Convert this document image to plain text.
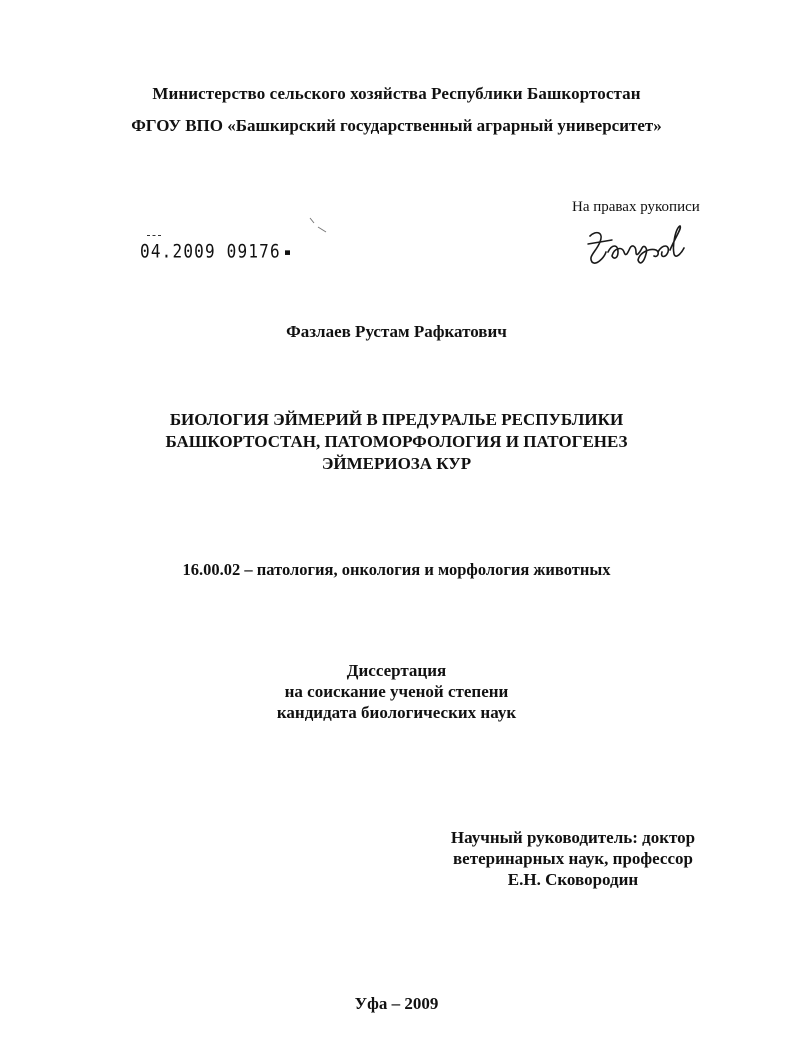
Министерство сельского хозяйства Республики Башкортостан
ФГОУ ВПО «Башкирский государственный аграрный университет»
На правах рукописи
04.2009 09176
Фазлаев Рустам Рафкатович
БИОЛОГИЯ ЭЙМЕРИЙ В ПРЕДУРАЛЬЕ РЕСПУБЛИКИ
БАШКОРТОСТАН, ПАТОМОРФОЛОГИЯ И ПАТОГЕНЕЗ
ЭЙМЕРИОЗА КУР
16.00.02 – патология, онкология и морфология животных
Диссертация
на соискание ученой степени
кандидата биологических наук
Научный руководитель: доктор
ветеринарных наук, профессор
Е.Н. Сковородин
Уфа – 2009
